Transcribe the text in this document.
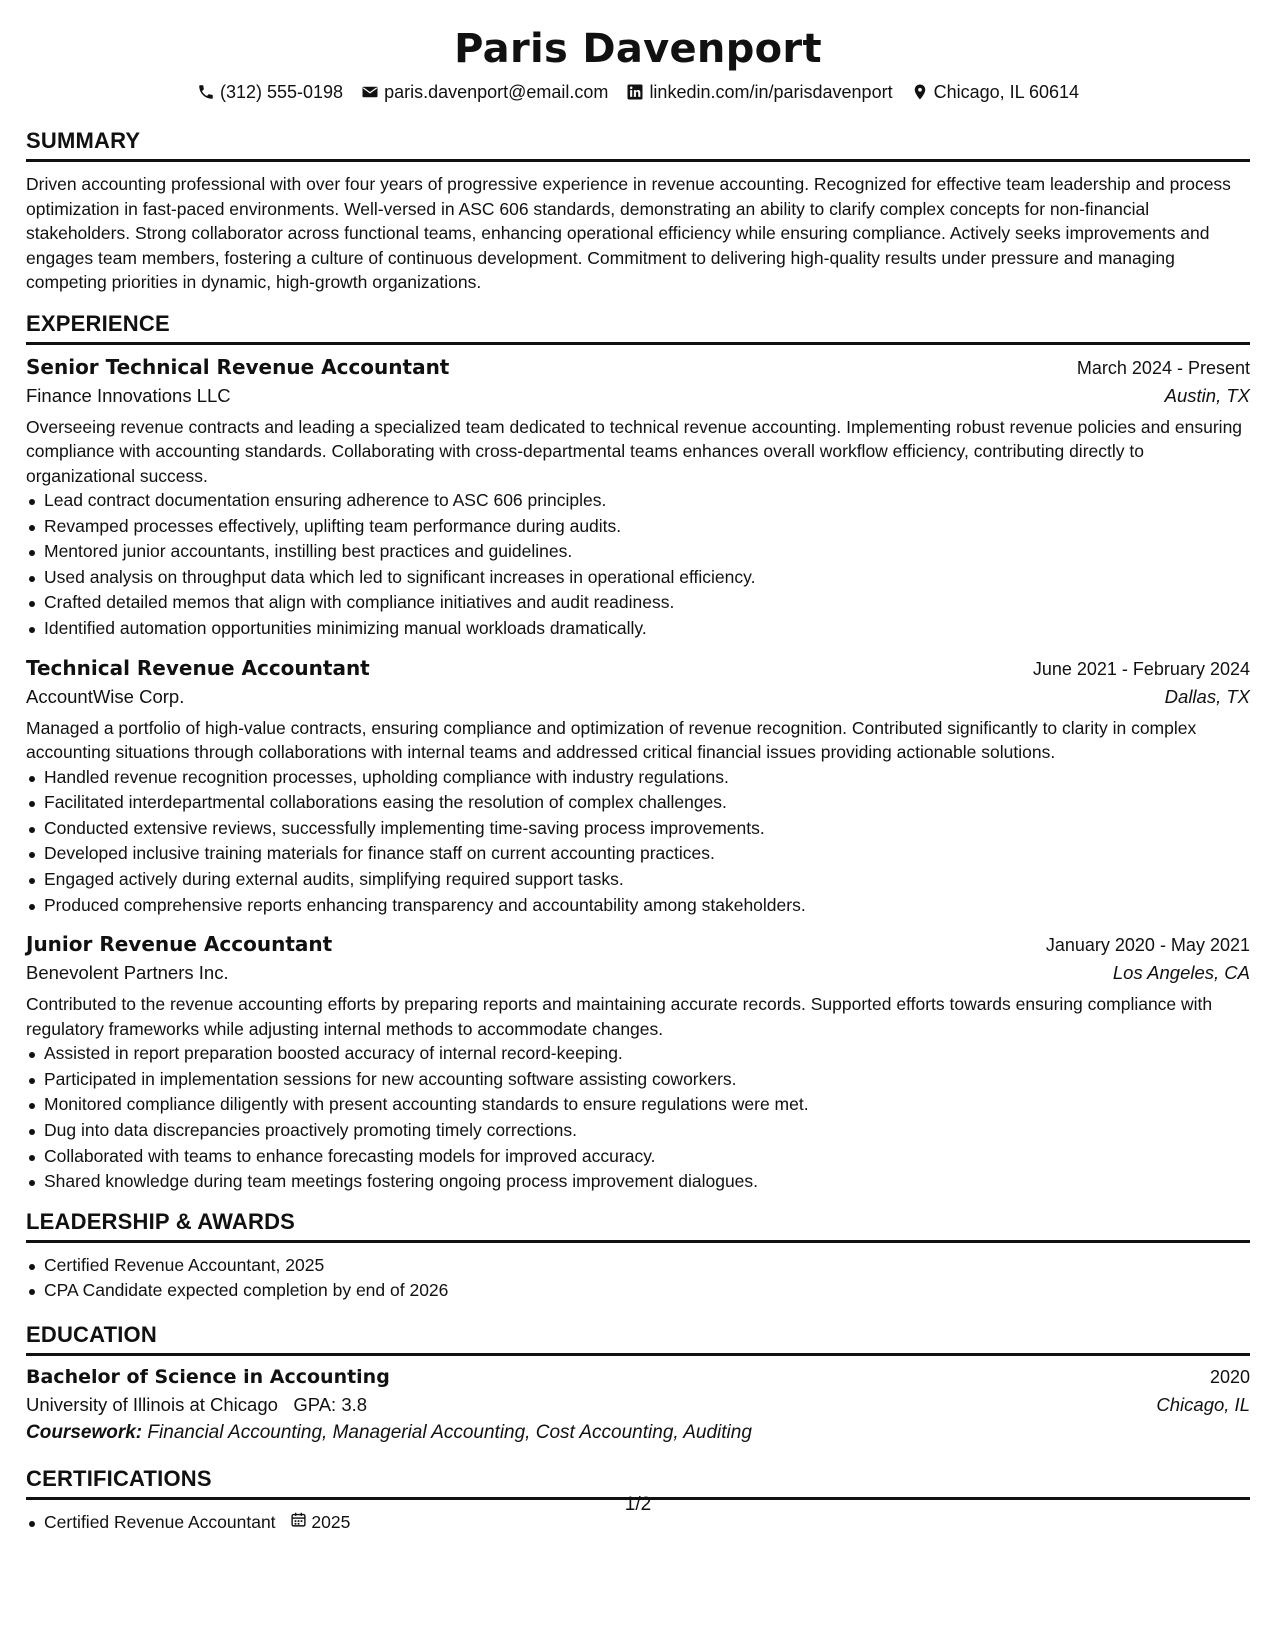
Paris Davenport
(312) 555-0198 paris.davenport@email.com linkedin.com/in/parisdavenport Chicago, IL 60614
SUMMARY

Driven accounting professional with over four years of progressive experience in revenue accounting. Recognized for effective team leadership and process optimization in fast-paced environments. Well-versed in ASC 606 standards, demonstrating an ability to clarify complex concepts for non-financial stakeholders. Strong collaborator across functional teams, enhancing operational efficiency while ensuring compliance. Actively seeks improvements and engages team members, fostering a culture of continuous development. Commitment to delivering high-quality results under pressure and managing competing priorities in dynamic, high-growth organizations.

EXPERIENCE
Senior Technical Revenue Accountant	March 2024 - Present
Finance Innovations LLC	Austin, TX

Overseeing revenue contracts and leading a specialized team dedicated to technical revenue accounting. Implementing robust revenue policies and ensuring compliance with accounting standards. Collaborating with cross-departmental teams enhances overall workflow efficiency, contributing directly to organizational success.

Lead contract documentation ensuring adherence to ASC 606 principles.
Revamped processes effectively, uplifting team performance during audits.
Mentored junior accountants, instilling best practices and guidelines.
Used analysis on throughput data which led to significant increases in operational efficiency.
Crafted detailed memos that align with compliance initiatives and audit readiness.
Identified automation opportunities minimizing manual workloads dramatically.
Technical Revenue Accountant	June 2021 - February 2024
AccountWise Corp.	Dallas, TX

Managed a portfolio of high-value contracts, ensuring compliance and optimization of revenue recognition. Contributed significantly to clarity in complex accounting situations through collaborations with internal teams and addressed critical financial issues providing actionable solutions.

Handled revenue recognition processes, upholding compliance with industry regulations.
Facilitated interdepartmental collaborations easing the resolution of complex challenges.
Conducted extensive reviews, successfully implementing time-saving process improvements.
Developed inclusive training materials for finance staff on current accounting practices.
Engaged actively during external audits, simplifying required support tasks.
Produced comprehensive reports enhancing transparency and accountability among stakeholders.
Junior Revenue Accountant	January 2020 - May 2021
Benevolent Partners Inc.	Los Angeles, CA

Contributed to the revenue accounting efforts by preparing reports and maintaining accurate records. Supported efforts towards ensuring compliance with regulatory frameworks while adjusting internal methods to accommodate changes.

Assisted in report preparation boosted accuracy of internal record-keeping.
Participated in implementation sessions for new accounting software assisting coworkers.
Monitored compliance diligently with present accounting standards to ensure regulations were met.
Dug into data discrepancies proactively promoting timely corrections.
Collaborated with teams to enhance forecasting models for improved accuracy.
Shared knowledge during team meetings fostering ongoing process improvement dialogues.
LEADERSHIP & AWARDS
Certified Revenue Accountant, 2025
CPA Candidate expected completion by end of 2026
EDUCATION
Bachelor of Science in Accounting	2020
University of Illinois at Chicago GPA: 3.8	Chicago, IL
Coursework: Financial Accounting, Managerial Accounting, Cost Accounting, Auditing
CERTIFICATIONS
Certified Revenue Accountant 2025
1/2
